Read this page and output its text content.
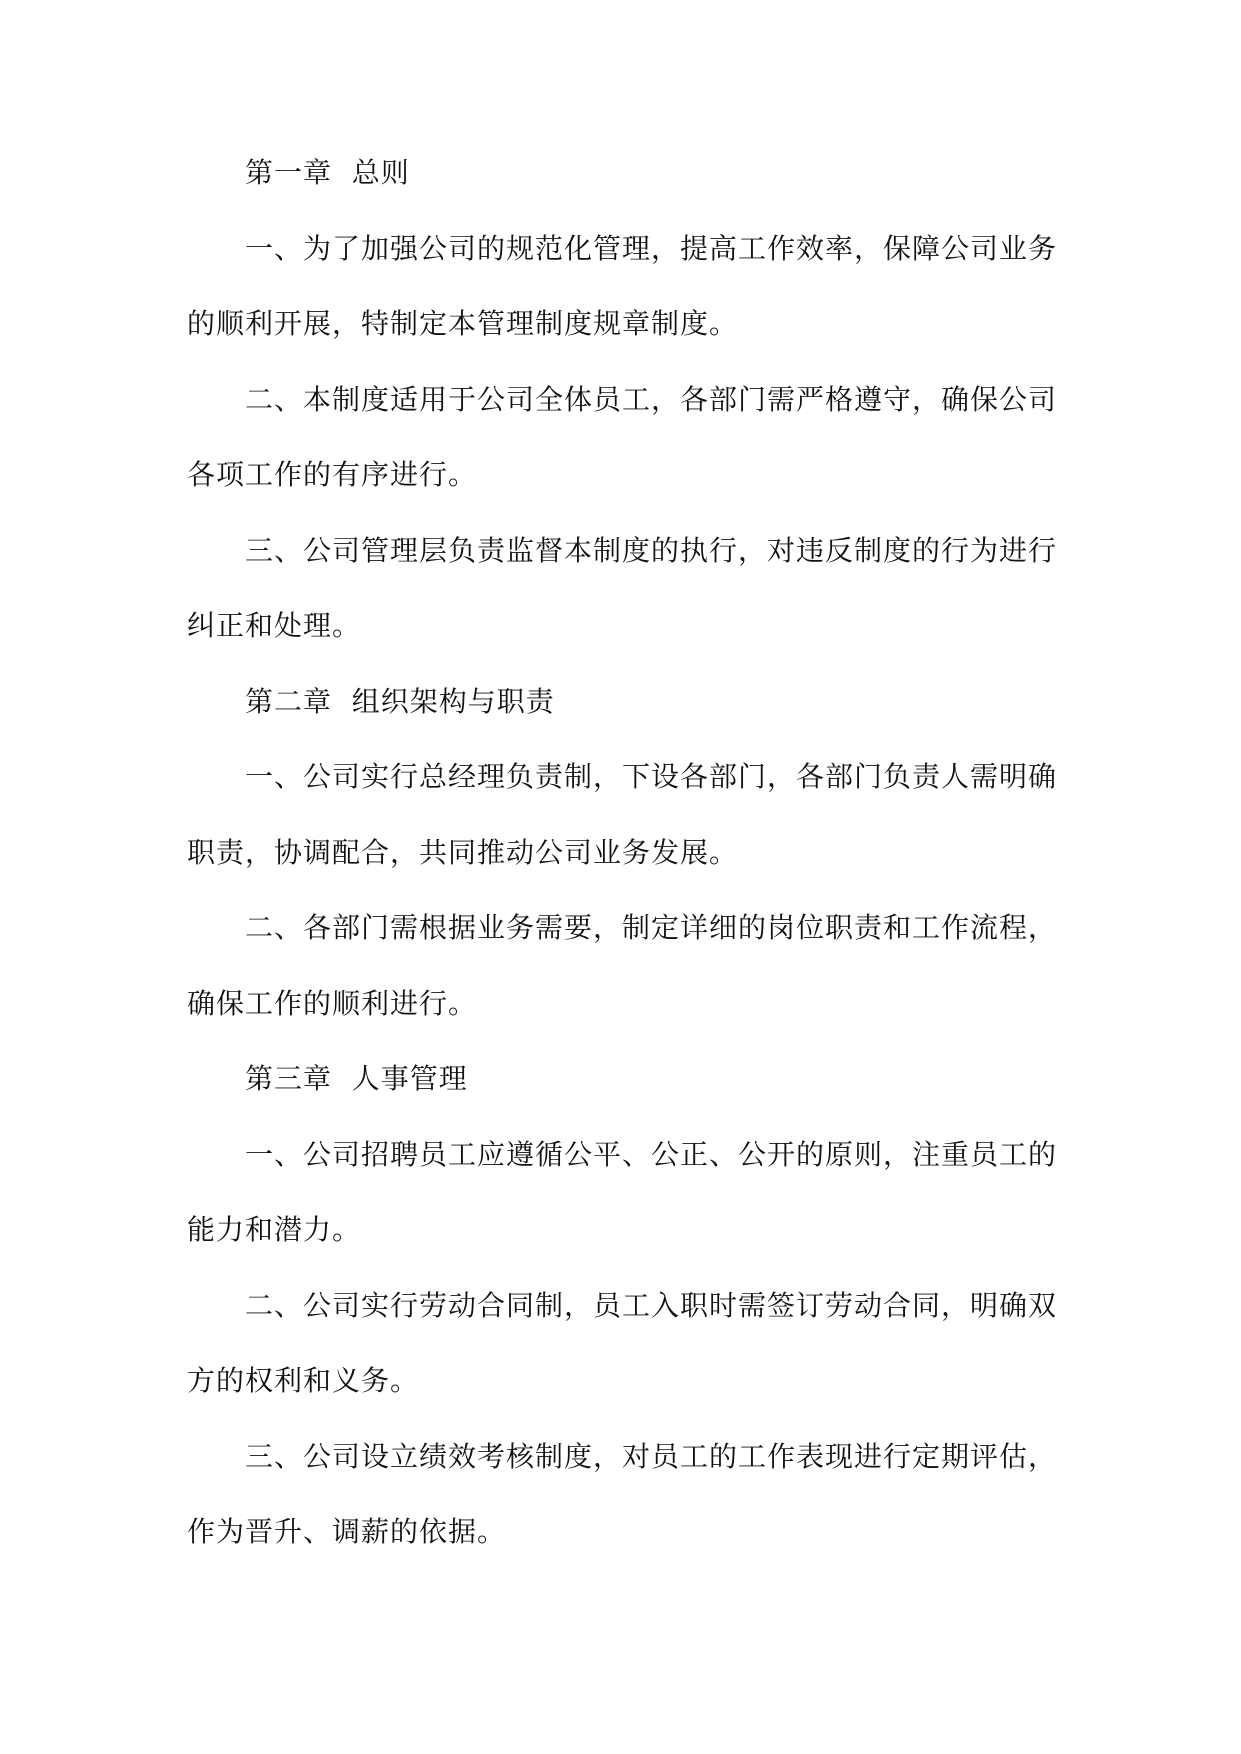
第一章  总则

一、为了加强公司的规范化管理，提高工作效率，保障公司业务的顺利开展，特制定本管理制度规章制度。

二、本制度适用于公司全体员工，各部门需严格遵守，确保公司各项工作的有序进行。

三、公司管理层负责监督本制度的执行，对违反制度的行为进行纠正和处理。

第二章  组织架构与职责

一、公司实行总经理负责制，下设各部门，各部门负责人需明确职责，协调配合，共同推动公司业务发展。

二、各部门需根据业务需要，制定详细的岗位职责和工作流程，确保工作的顺利进行。

第三章  人事管理

一、公司招聘员工应遵循公平、公正、公开的原则，注重员工的能力和潜力。

二、公司实行劳动合同制，员工入职时需签订劳动合同，明确双方的权利和义务。

三、公司设立绩效考核制度，对员工的工作表现进行定期评估，作为晋升、调薪的依据。
